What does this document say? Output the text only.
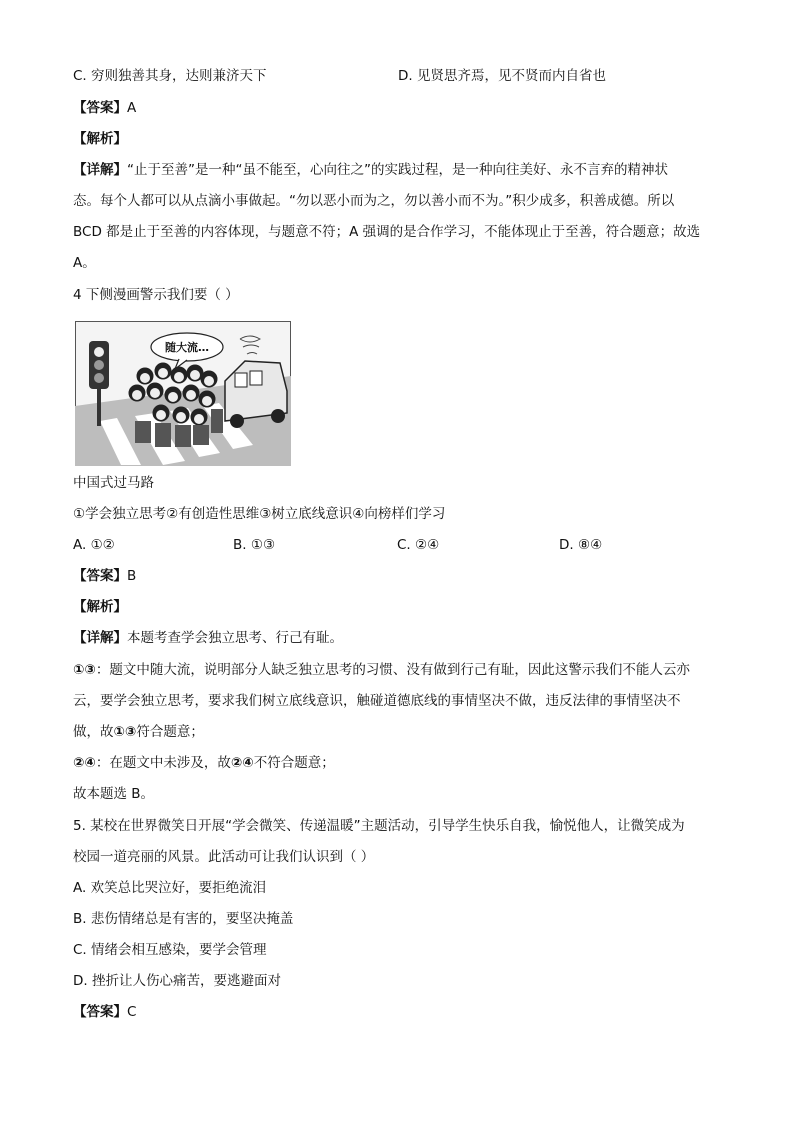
C. 穷则独善其身，达则兼济天下	D. 见贤思齐焉，见不贤而内自省也
【答案】A
【解析】
【详解】“止于至善”是一种“虽不能至，心向往之”的实践过程，是一种向往美好、永不言弃的精神状
态。每个人都可以从点滴小事做起。“勿以恶小而为之，勿以善小而不为。”积少成多，积善成德。所以
BCD 都是止于至善的内容体现，与题意不符；A 强调的是合作学习，不能体现止于至善，符合题意；故选
A。
4 下侧漫画警示我们要（ ）
随大流…
中国式过马路
①学会独立思考②有创造性思维③树立底线意识④向榜样们学习
A. ①②	B. ①③	C. ②④	D. ⑧④
【答案】B
【解析】
【详解】本题考查学会独立思考、行己有耻。
①③：题文中随大流，说明部分人缺乏独立思考的习惯、没有做到行己有耻，因此这警示我们不能人云亦
云，要学会独立思考，要求我们树立底线意识，触碰道德底线的事情坚决不做，违反法律的事情坚决不
做，故①③符合题意；
②④：在题文中未涉及，故②④不符合题意；
故本题选 B。
5. 某校在世界微笑日开展“学会微笑、传递温暖”主题活动，引导学生快乐自我，愉悦他人，让微笑成为
校园一道亮丽的风景。此活动可让我们认识到（ ）
A. 欢笑总比哭泣好，要拒绝流泪
B. 悲伤情绪总是有害的，要坚决掩盖
C. 情绪会相互感染，要学会管理
D. 挫折让人伤心痛苦，要逃避面对
【答案】C
